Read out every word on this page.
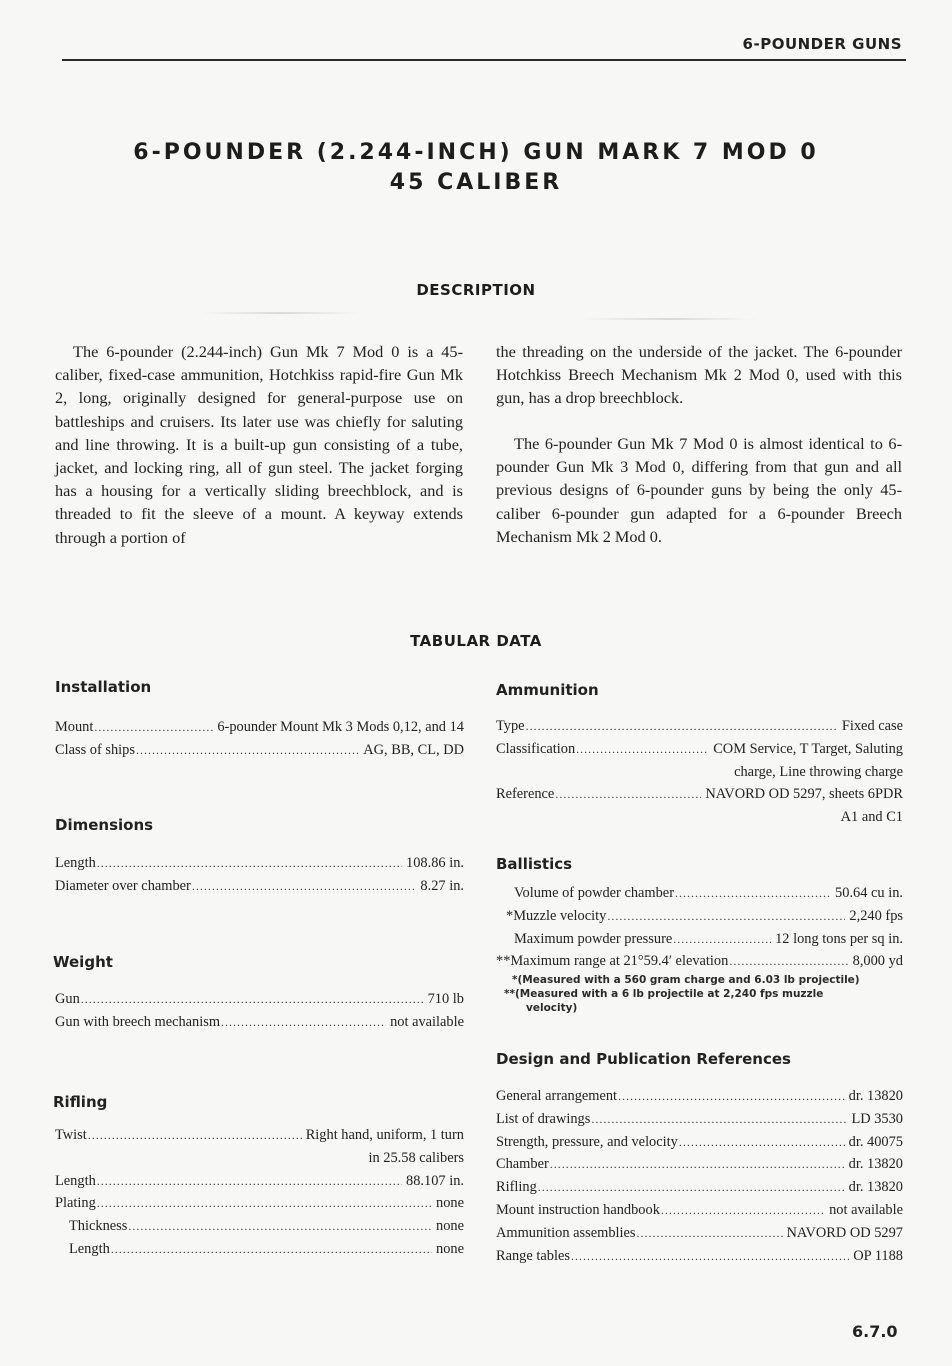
6-POUNDER GUNS
6-POUNDER (2.244-INCH) GUN MARK 7 MOD 0
45 CALIBER
DESCRIPTION

The 6-pounder (2.244-inch) Gun Mk 7 Mod 0 is a 45-caliber, fixed-case ammunition, Hotchkiss rapid-fire Gun Mk 2, long, originally designed for general-purpose use on battleships and cruisers. Its later use was chiefly for saluting and line throwing. It is a built-up gun consisting of a tube, jacket, and locking ring, all of gun steel. The jacket forging has a housing for a vertically sliding breechblock, and is threaded to fit the sleeve of a mount. A keyway extends through a portion of

the threading on the underside of the jacket. The 6-pounder Hotchkiss Breech Mechanism Mk 2 Mod 0, used with this gun, has a drop breechblock.

The 6-pounder Gun Mk 7 Mod 0 is almost identical to 6-pounder Gun Mk 3 Mod 0, differing from that gun and all previous designs of 6-pounder guns by being the only 45-caliber 6-pounder gun adapted for a 6-pounder Breech Mechanism Mk 2 Mod 0.

TABULAR DATA
Installation
Mount .....	6-pounder Mount Mk 3 Mods 0,12, and 14
Class of ships .....	AG, BB, CL, DD
Dimensions
Length .....	108.86 in.
Diameter over chamber .....	8.27 in.
Weight
Gun .....	710 lb
Gun with breech mechanism .....	not available
Rifling
Twist .....	Right hand, uniform, 1 turn
in 25.58 calibers
Length .....	88.107 in.
Plating .....	none
Thickness .....	none
Length .....	none
Ammunition
Type .....	Fixed case
Classification .....	COM Service, T Target, Saluting
charge, Line throwing charge
Reference .....	NAVORD OD 5297, sheets 6PDR
A1 and C1
Ballistics
Volume of powder chamber .....	50.64 cu in.
*Muzzle velocity .....	2,240 fps
Maximum powder pressure .....	12 long tons per sq in.
**Maximum range at 21°59.4′ elevation .....	8,000 yd
*(Measured with a 560 gram charge and 6.03 lb projectile)
**(Measured with a 6 lb projectile at 2,240 fps muzzle
velocity)
Design and Publication References
General arrangement .....	dr. 13820
List of drawings .....	LD 3530
Strength, pressure, and velocity .....	dr. 40075
Chamber .....	dr. 13820
Rifling .....	dr. 13820
Mount instruction handbook .....	not available
Ammunition assemblies .....	NAVORD OD 5297
Range tables .....	OP 1188
6.7.0
